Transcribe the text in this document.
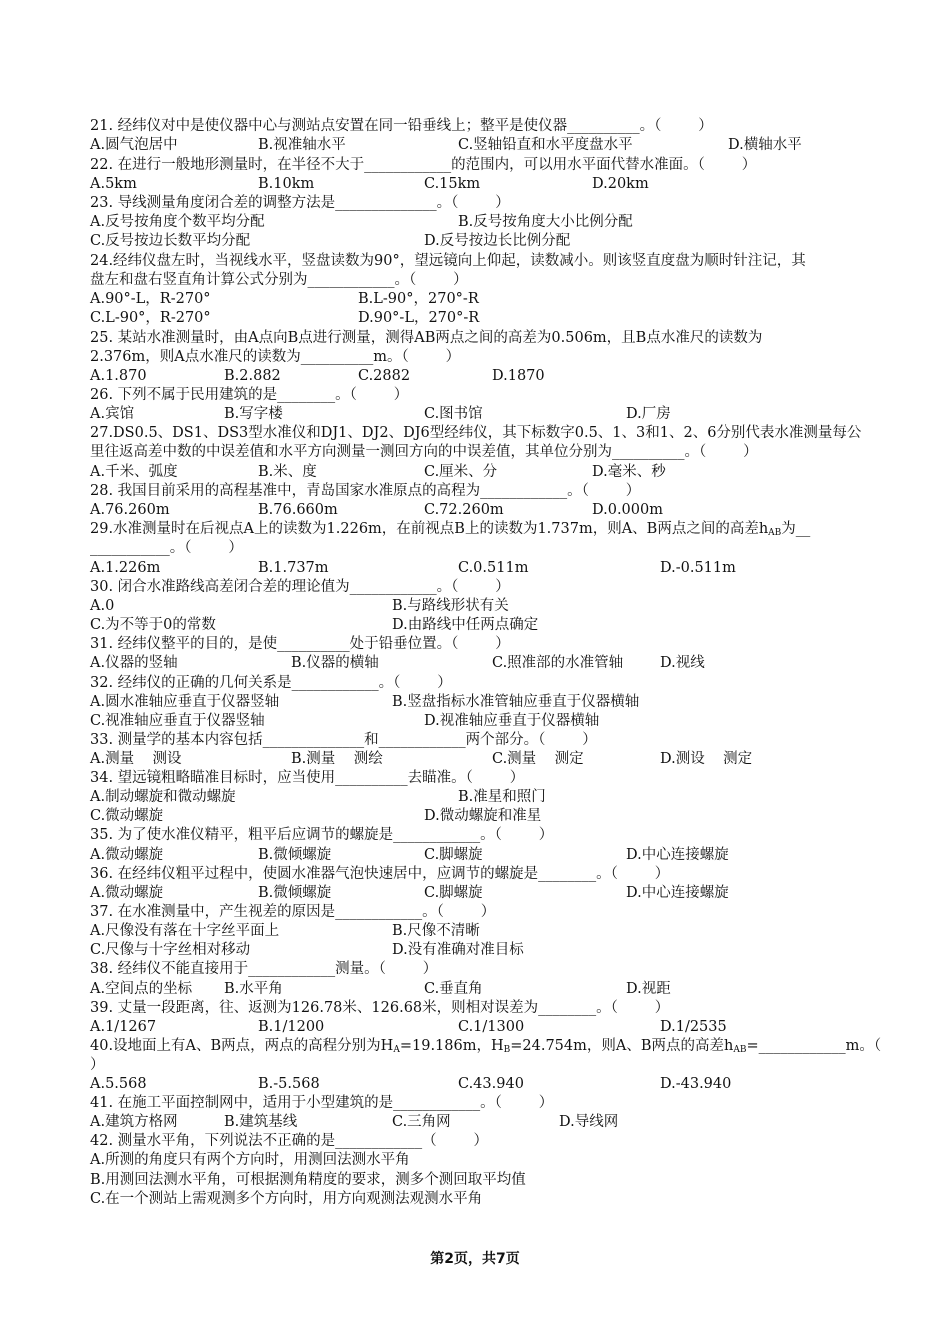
21. 经纬仪对中是使仪器中心与测站点安置在同一铅垂线上；整平是使仪器__________。（        ）
A.圆气泡居中	B.视准轴水平	C.竖轴铅直和水平度盘水平	D.横轴水平
22. 在进行一般地形测量时，在半径不大于____________的范围内，可以用水平面代替水准面。（        ）
A.5km	B.10km	C.15km	D.20km
23. 导线测量角度闭合差的调整方法是______________。（        ）
A.反号按角度个数平均分配	B.反号按角度大小比例分配
C.反号按边长数平均分配	D.反号按边长比例分配
24.经纬仪盘左时，当视线水平，竖盘读数为90°，望远镜向上仰起，读数减小。则该竖直度盘为顺时针注记，其
盘左和盘右竖直角计算公式分别为____________。（        ）
A.90°-L，R-270°	B.L-90°，270°-R
C.L-90°，R-270°	D.90°-L，270°-R
25. 某站水准测量时，由A点向B点进行测量，测得AB两点之间的高差为0.506m，且B点水准尺的读数为
2.376m，则A点水准尺的读数为__________m。（        ）
A.1.870	B.2.882	C.2882	D.1870
26. 下列不属于民用建筑的是________。（        ）
A.宾馆	B.写字楼	C.图书馆	D.厂房
27.DS0.5、DS1、DS3型水准仪和DJ1、DJ2、DJ6型经纬仪，其下标数字0.5、1、3和1、2、6分别代表水准测量每公
里往返高差中数的中误差值和水平方向测量一测回方向的中误差值，其单位分别为__________。（        ）
A.千米、弧度	B.米、度	C.厘米、分	D.毫米、秒
28. 我国目前采用的高程基准中，青岛国家水准原点的高程为____________。（        ）
A.76.260m	B.76.660m	C.72.260m	D.0.000m
29.水准测量时在后视点A上的读数为1.226m，在前视点B上的读数为1.737m，则A、B两点之间的高差$h_{AB}$为__
___________。（        ）
A.1.226m	B.1.737m	C.0.511m	D.-0.511m
30. 闭合水准路线高差闭合差的理论值为____________。（        ）
A.0	B.与路线形状有关
C.为不等于0的常数	D.由路线中任两点确定
31. 经纬仪整平的目的，是使__________处于铅垂位置。（        ）
A.仪器的竖轴	B.仪器的横轴	C.照准部的水准管轴	D.视线
32. 经纬仪的正确的几何关系是____________。（        ）
A.圆水准轴应垂直于仪器竖轴	B.竖盘指标水准管轴应垂直于仪器横轴
C.视准轴应垂直于仪器竖轴	D.视准轴应垂直于仪器横轴
33. 测量学的基本内容包括______________和____________两个部分。（        ）
A.测量    测设	B.测量    测绘	C.测量    测定	D.测设    测定
34. 望远镜粗略瞄准目标时，应当使用__________去瞄准。（        ）
A.制动螺旋和微动螺旋	B.准星和照门
C.微动螺旋	D.微动螺旋和准星
35. 为了使水准仪精平，粗平后应调节的螺旋是____________。（        ）
A.微动螺旋	B.微倾螺旋	C.脚螺旋	D.中心连接螺旋
36. 在经纬仪粗平过程中，使圆水准器气泡快速居中，应调节的螺旋是________。（        ）
A.微动螺旋	B.微倾螺旋	C.脚螺旋	D.中心连接螺旋
37. 在水准测量中，产生视差的原因是____________。（        ）
A.尺像没有落在十字丝平面上	B.尺像不清晰
C.尺像与十字丝相对移动	D.没有准确对准目标
38. 经纬仪不能直接用于____________测量。（        ）
A.空间点的坐标 B.水平角	C.垂直角	D.视距
39. 丈量一段距离，往、返测为126.78米、126.68米，则相对误差为________。（        ）
A.1/1267	B.1/1200	C.1/1300	D.1/2535
40.设地面上有A、B两点，两点的高程分别为$H_A=19.186m$，$H_B=24.754m$，则A、B两点的高差$h_{AB}=\_\_\_\_\_\_\_\_\_\_\_\_m$。（
）
A.5.568	B.-5.568	C.43.940	D.-43.940
41. 在施工平面控制网中，适用于小型建筑的是____________。（        ）
A.建筑方格网	B.建筑基线	C.三角网	D.导线网
42. 测量水平角，下列说法不正确的是____________（        ）
A.所测的角度只有两个方向时，用测回法测水平角
B.用测回法测水平角，可根据测角精度的要求，测多个测回取平均值
C.在一个测站上需观测多个方向时，用方向观测法观测水平角
第2页，共7页
